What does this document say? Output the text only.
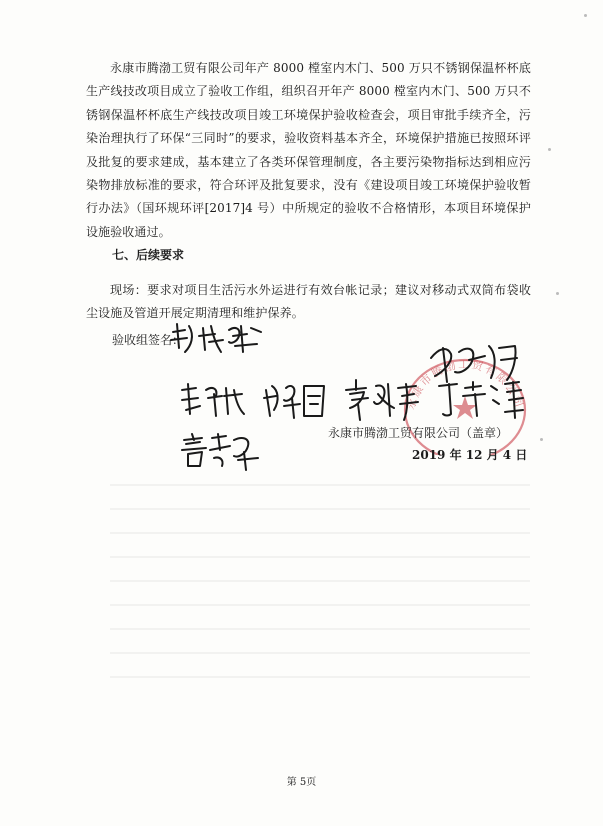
永康市腾渤工贸有限公司年产 8000 樘室内木门、500 万只不锈钢保温杯杯底生产线技改项目成立了验收工作组，组织召开年产 8000 樘室内木门、500 万只不锈钢保温杯杯底生产线技改项目竣工环境保护验收检查会，项目审批手续齐全，污染治理执行了环保“三同时”的要求，验收资料基本齐全，环境保护措施已按照环评及批复的要求建成，基本建立了各类环保管理制度，各主要污染物指标达到相应污染物排放标准的要求，符合环评及批复要求，没有《建设项目竣工环境保护验收暂行办法》（国环规环评[2017]4 号）中所规定的验收不合格情形，本项目环境保护设施验收通过。
七、后续要求
现场：要求对项目生活污水外运进行有效台帐记录；建议对移动式双筒布袋收尘设施及管道开展定期清理和维护保养。
验收组签名：
永康市腾渤工贸有限公司
永康市腾渤工贸有限公司（盖章）
2019 年 12 月 4 日
第 5页
